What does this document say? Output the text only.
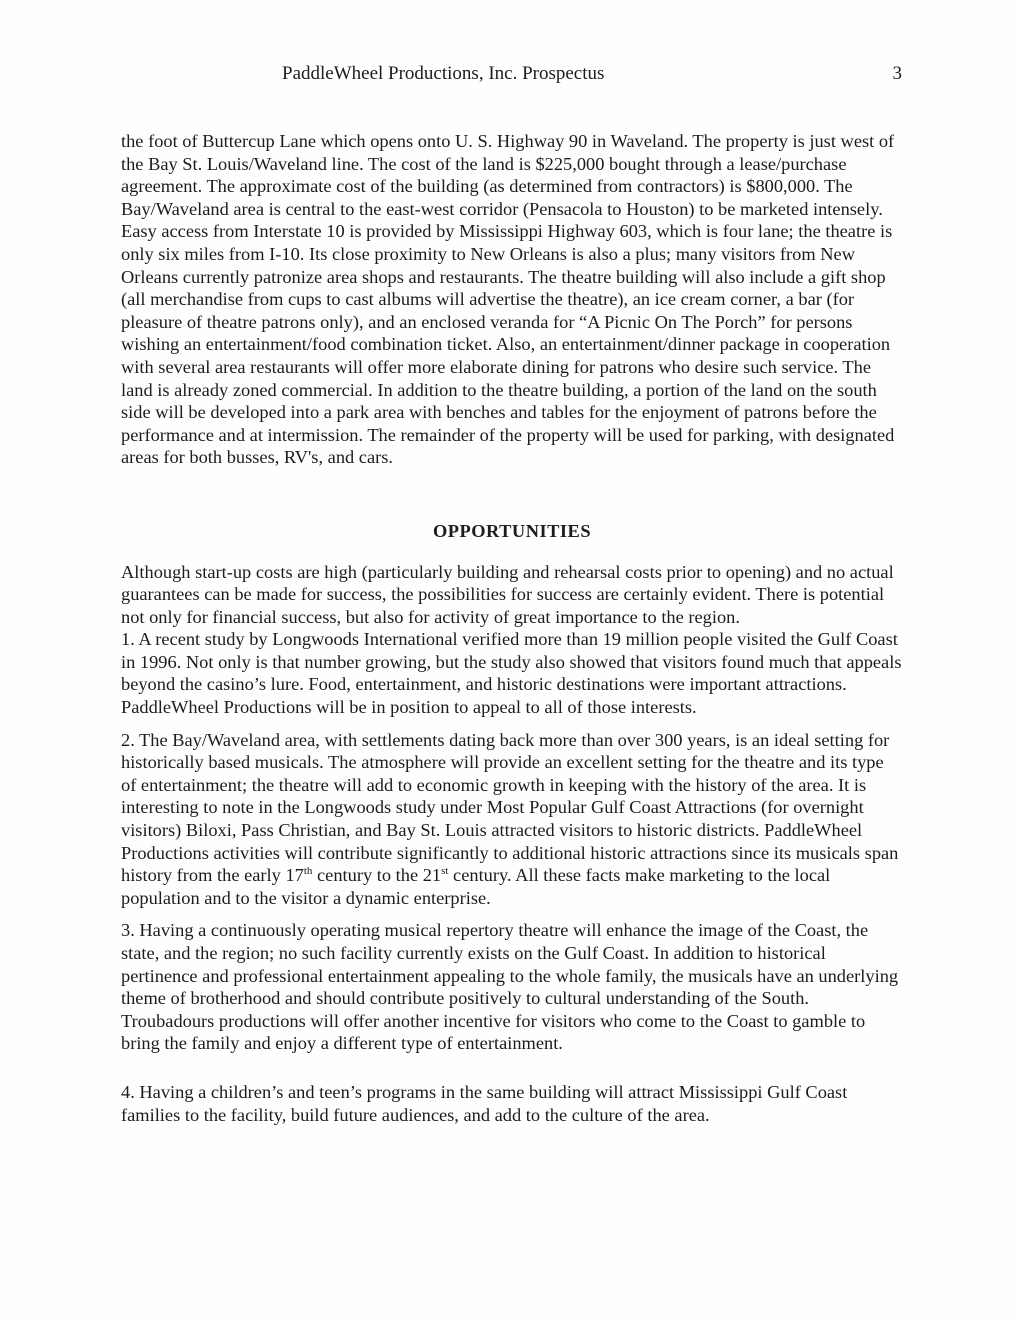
PaddleWheel Productions, Inc. Prospectus	3

the foot of Buttercup Lane which opens onto U. S. Highway 90 in Waveland. The property is just west of the Bay St. Louis/Waveland line. The cost of the land is $225,000 bought through a lease/purchase agreement. The approximate cost of the building (as determined from contractors) is $800,000. The Bay/Waveland area is central to the east-west corridor (Pensacola to Houston) to be marketed intensely. Easy access from Interstate 10 is provided by Mississippi Highway 603, which is four lane; the theatre is only six miles from I-10. Its close proximity to New Orleans is also a plus; many visitors from New Orleans currently patronize area shops and restaurants. The theatre building will also include a gift shop (all merchandise from cups to cast albums will advertise the theatre), an ice cream corner, a bar (for pleasure of theatre patrons only), and an enclosed veranda for “A Picnic On The Porch” for persons wishing an entertainment/food combination ticket. Also, an entertainment/dinner package in cooperation with several area restaurants will offer more elaborate dining for patrons who desire such service. The land is already zoned commercial. In addition to the theatre building, a portion of the land on the south side will be developed into a park area with benches and tables for the enjoyment of patrons before the performance and at intermission. The remainder of the property will be used for parking, with designated areas for both busses, RV's, and cars.

OPPORTUNITIES

Although start-up costs are high (particularly building and rehearsal costs prior to opening) and no actual guarantees can be made for success, the possibilities for success are certainly evident. There is potential not only for financial success, but also for activity of great importance to the region.

1. A recent study by Longwoods International verified more than 19 million people visited the Gulf Coast in 1996. Not only is that number growing, but the study also showed that visitors found much that appeals beyond the casino’s lure. Food, entertainment, and historic destinations were important attractions. PaddleWheel Productions will be in position to appeal to all of those interests.

2. The Bay/Waveland area, with settlements dating back more than over 300 years, is an ideal setting for historically based musicals. The atmosphere will provide an excellent setting for the theatre and its type of entertainment; the theatre will add to economic growth in keeping with the history of the area. It is interesting to note in the Longwoods study under Most Popular Gulf Coast Attractions (for overnight visitors) Biloxi, Pass Christian, and Bay St. Louis attracted visitors to historic districts. PaddleWheel Productions activities will contribute significantly to additional historic attractions since its musicals span history from the early 17th century to the 21st century. All these facts make marketing to the local population and to the visitor a dynamic enterprise.

3. Having a continuously operating musical repertory theatre will enhance the image of the Coast, the state, and the region; no such facility currently exists on the Gulf Coast. In addition to historical pertinence and professional entertainment appealing to the whole family, the musicals have an underlying theme of brotherhood and should contribute positively to cultural understanding of the South. Troubadours productions will offer another incentive for visitors who come to the Coast to gamble to bring the family and enjoy a different type of entertainment.

4. Having a children’s and teen’s programs in the same building will attract Mississippi Gulf Coast families to the facility, build future audiences, and add to the culture of the area.
